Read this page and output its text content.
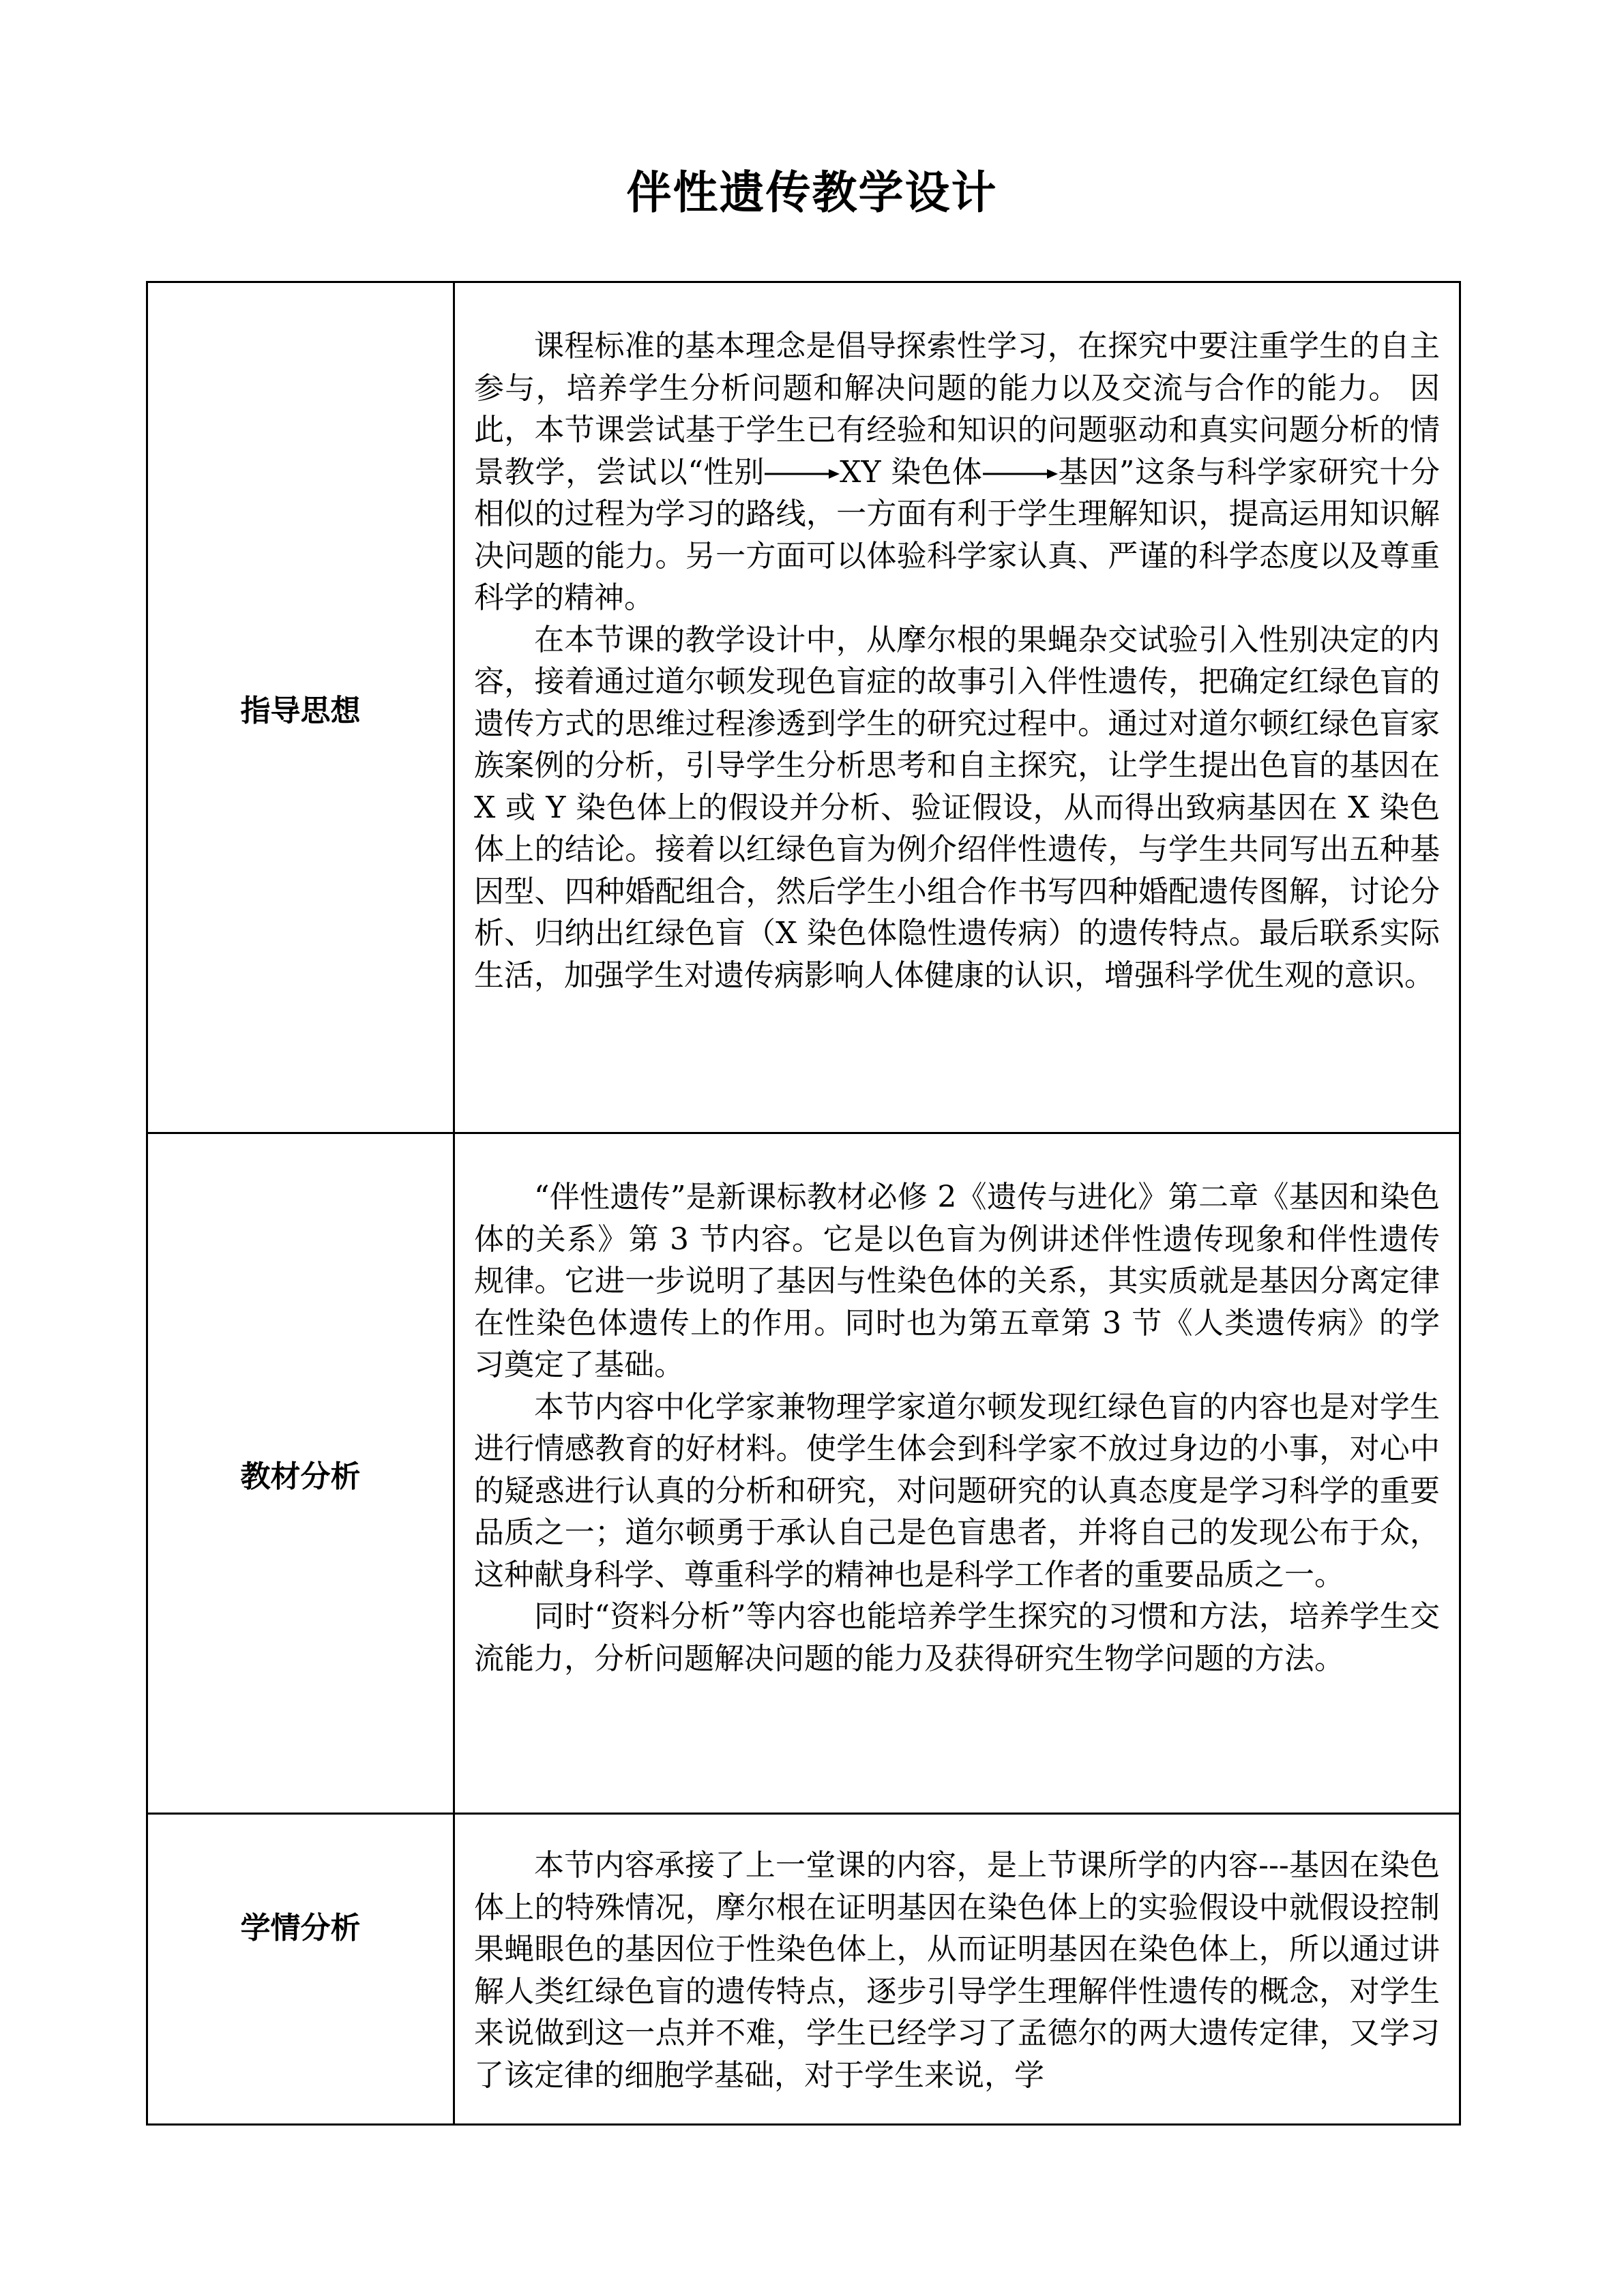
伴性遗传教学设计
指导思想	课程标准的基本理念是倡导探索性学习，在探究中要注重学生的自主参与，培养学生分析问题和解决问题的能力以及交流与合作的能力。 因此，本节课尝试基于学生已有经验和知识的问题驱动和真实问题分析的情景教学，尝试以“性别 XY 染色体 基因”这条与科学家研究十分相似的过程为学习的路线，一方面有利于学生理解知识，提高运用知识解决问题的能力。另一方面可以体验科学家认真、严谨的科学态度以及尊重科学的精神。

在本节课的教学设计中，从摩尔根的果蝇杂交试验引入性别决定的内容，接着通过道尔顿发现色盲症的故事引入伴性遗传，把确定红绿色盲的遗传方式的思维过程渗透到学生的研究过程中。通过对道尔顿红绿色盲家族案例的分析，引导学生分析思考和自主探究，让学生提出色盲的基因在 X 或 Y 染色体上的假设并分析、验证假设，从而得出致病基因在 X 染色体上的结论。接着以红绿色盲为例介绍伴性遗传，与学生共同写出五种基因型、四种婚配组合，然后学生小组合作书写四种婚配遗传图解，讨论分析、归纳出红绿色盲（X 染色体隐性遗传病）的遗传特点。最后联系实际生活，加强学生对遗传病影响人体健康的认识，增强科学优生观的意识。

教材分析	“伴性遗传”是新课标教材必修 2《遗传与进化》第二章《基因和染色体的关系》第 3 节内容。它是以色盲为例讲述伴性遗传现象和伴性遗传规律。它进一步说明了基因与性染色体的关系，其实质就是基因分离定律在性染色体遗传上的作用。同时也为第五章第 3 节《人类遗传病》的学习奠定了基础。

本节内容中化学家兼物理学家道尔顿发现红绿色盲的内容也是对学生进行情感教育的好材料。使学生体会到科学家不放过身边的小事，对心中的疑惑进行认真的分析和研究，对问题研究的认真态度是学习科学的重要品质之一；道尔顿勇于承认自己是色盲患者，并将自己的发现公布于众，这种献身科学、尊重科学的精神也是科学工作者的重要品质之一。

同时“资料分析”等内容也能培养学生探究的习惯和方法，培养学生交流能力，分析问题解决问题的能力及获得研究生物学问题的方法。

学情分析	本节内容承接了上一堂课的内容，是上节课所学的内容---基因在染色体上的特殊情况，摩尔根在证明基因在染色体上的实验假设中就假设控制果蝇眼色的基因位于性染色体上，从而证明基因在染色体上，所以通过讲解人类红绿色盲的遗传特点，逐步引导学生理解伴性遗传的概念，对学生来说做到这一点并不难，学生已经学习了孟德尔的两大遗传定律，又学习了该定律的细胞学基础，对于学生来说，学
